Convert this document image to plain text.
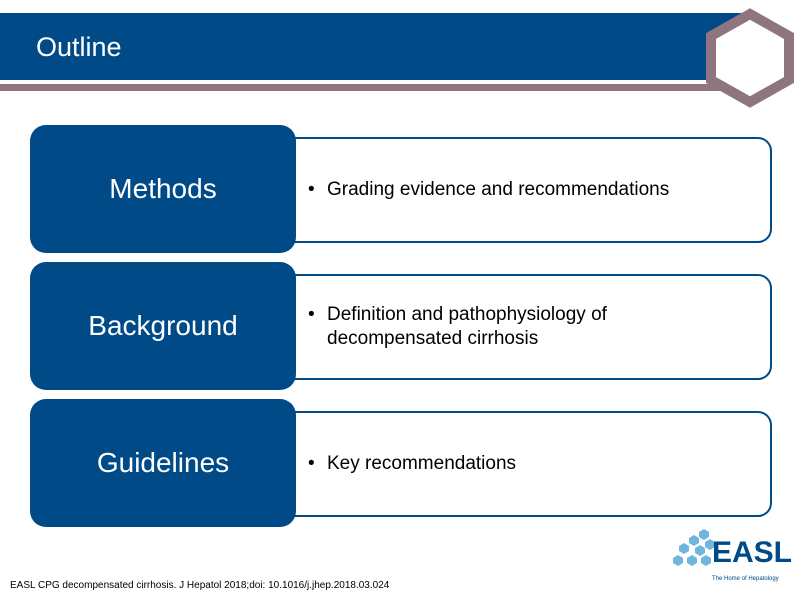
Outline
Methods	• Grading evidence and recommendations
Background	• Definition and pathophysiology of decompensated cirrhosis
Guidelines	• Key recommendations
EASL CPG decompensated cirrhosis. J Hepatol 2018;doi: 10.1016/j.jhep.2018.03.024
EASL
The Home of Hepatology
